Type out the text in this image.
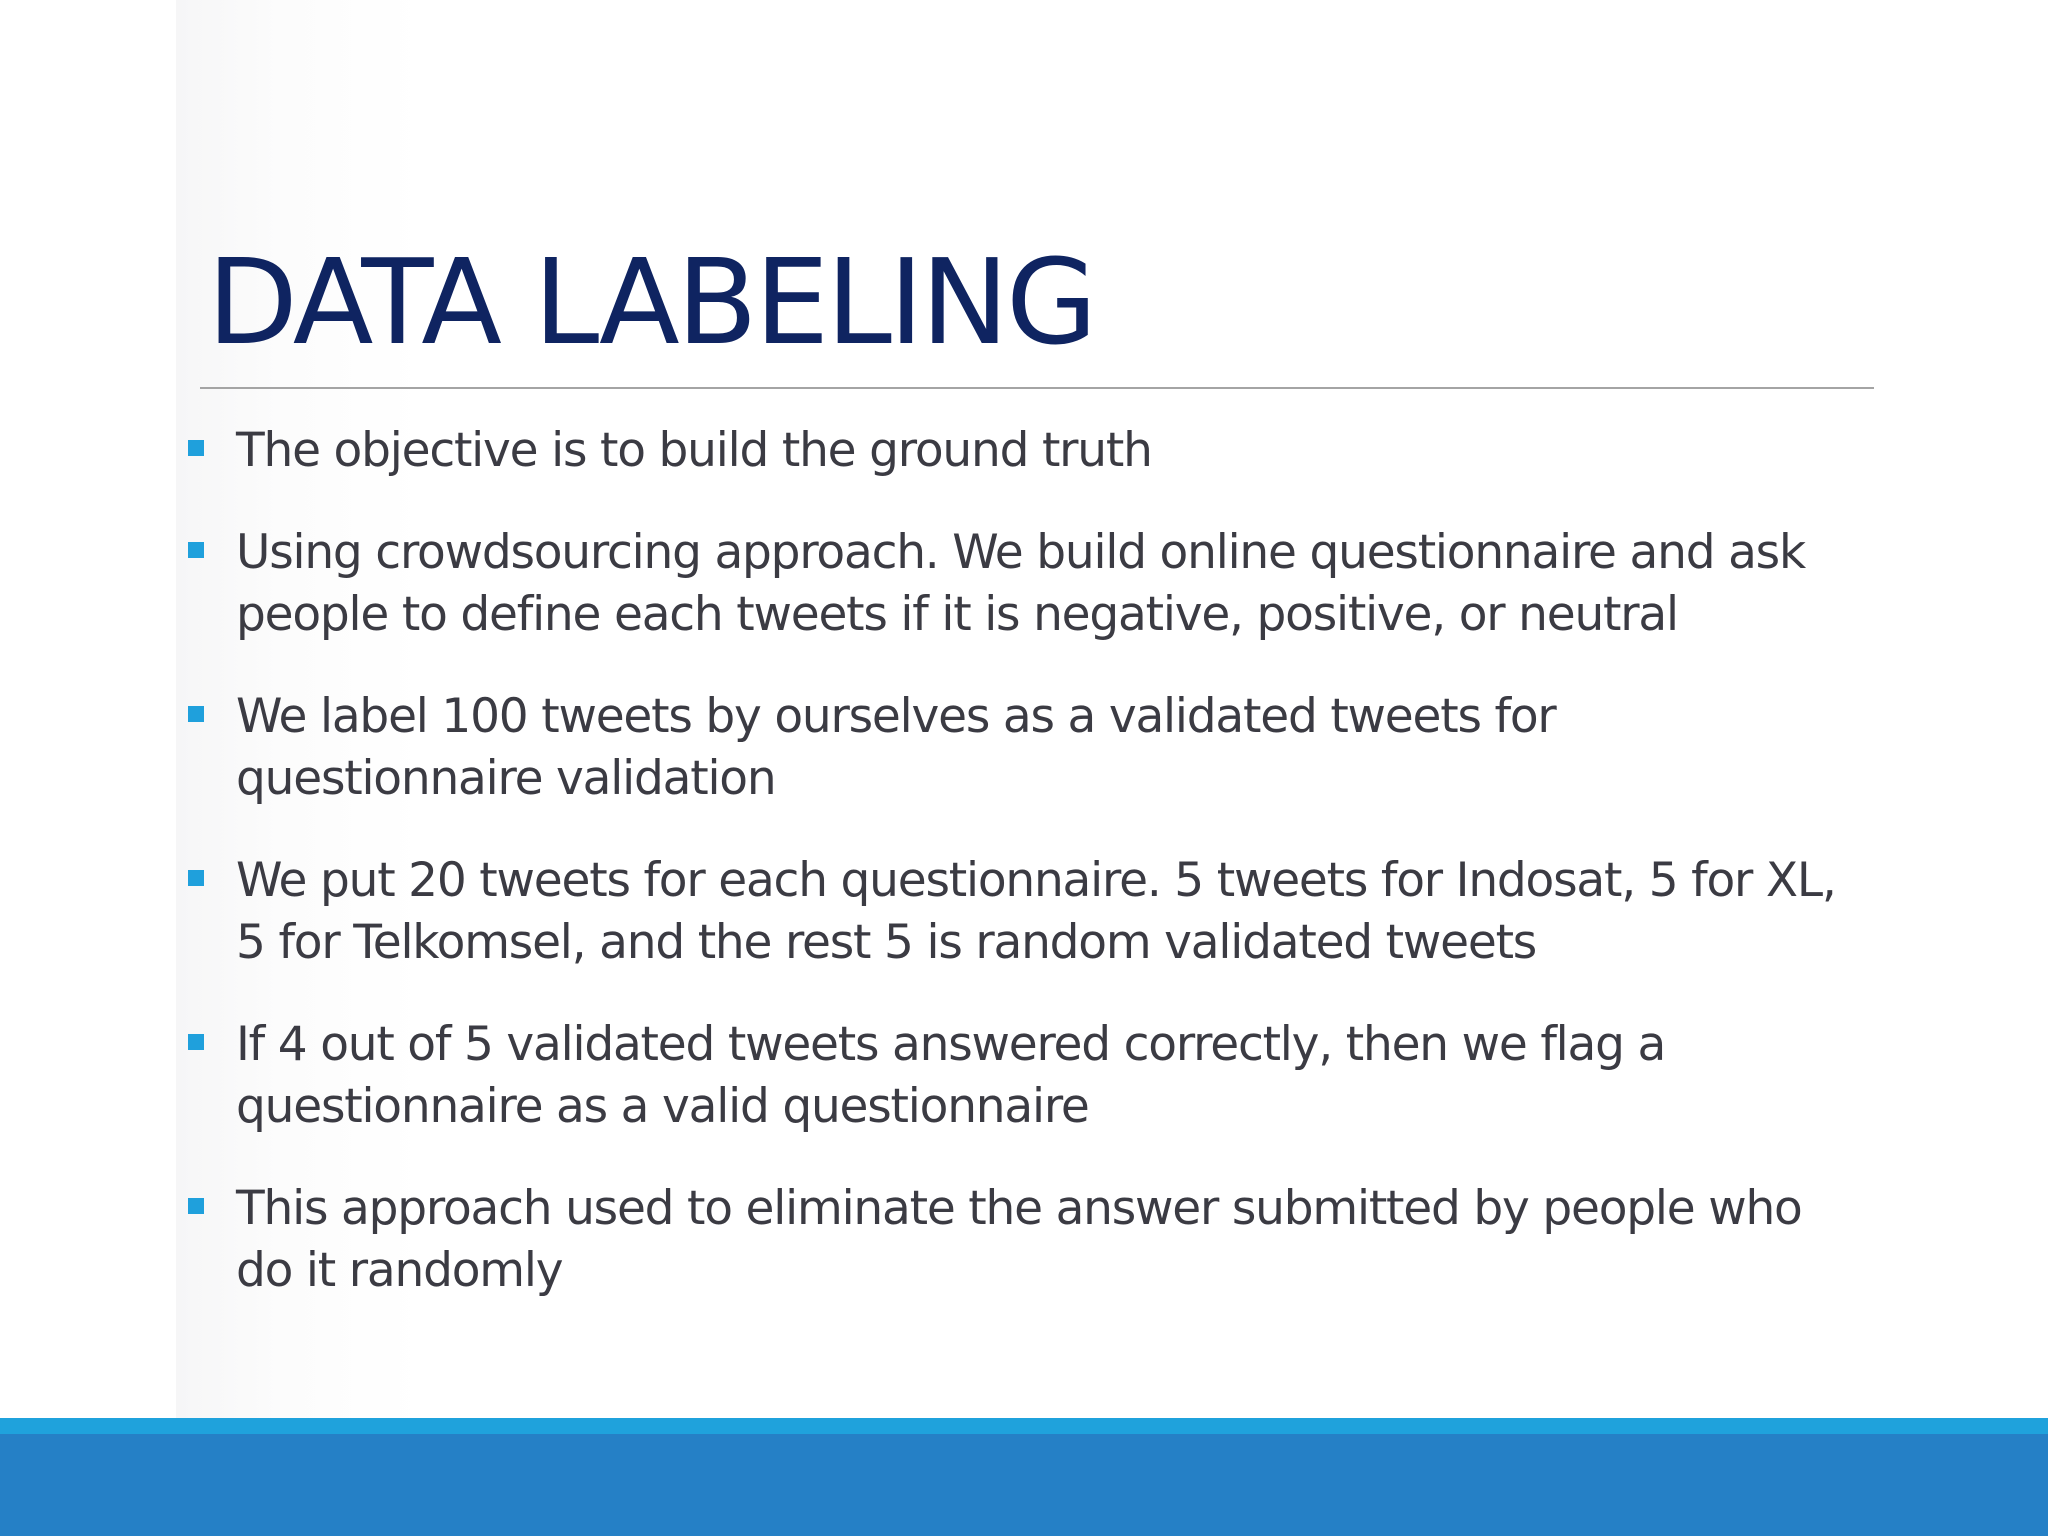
DATA LABELING
The objective is to build the ground truth
Using crowdsourcing approach. We build online questionnaire and ask people to define each tweets if it is negative, positive, or neutral
We label 100 tweets by ourselves as a validated tweets for questionnaire validation
We put 20 tweets for each questionnaire. 5 tweets for Indosat, 5 for XL, 5 for Telkomsel, and the rest 5 is random validated tweets
If 4 out of 5 validated tweets answered correctly, then we flag a questionnaire as a valid questionnaire
This approach used to eliminate the answer submitted by people who do it randomly
